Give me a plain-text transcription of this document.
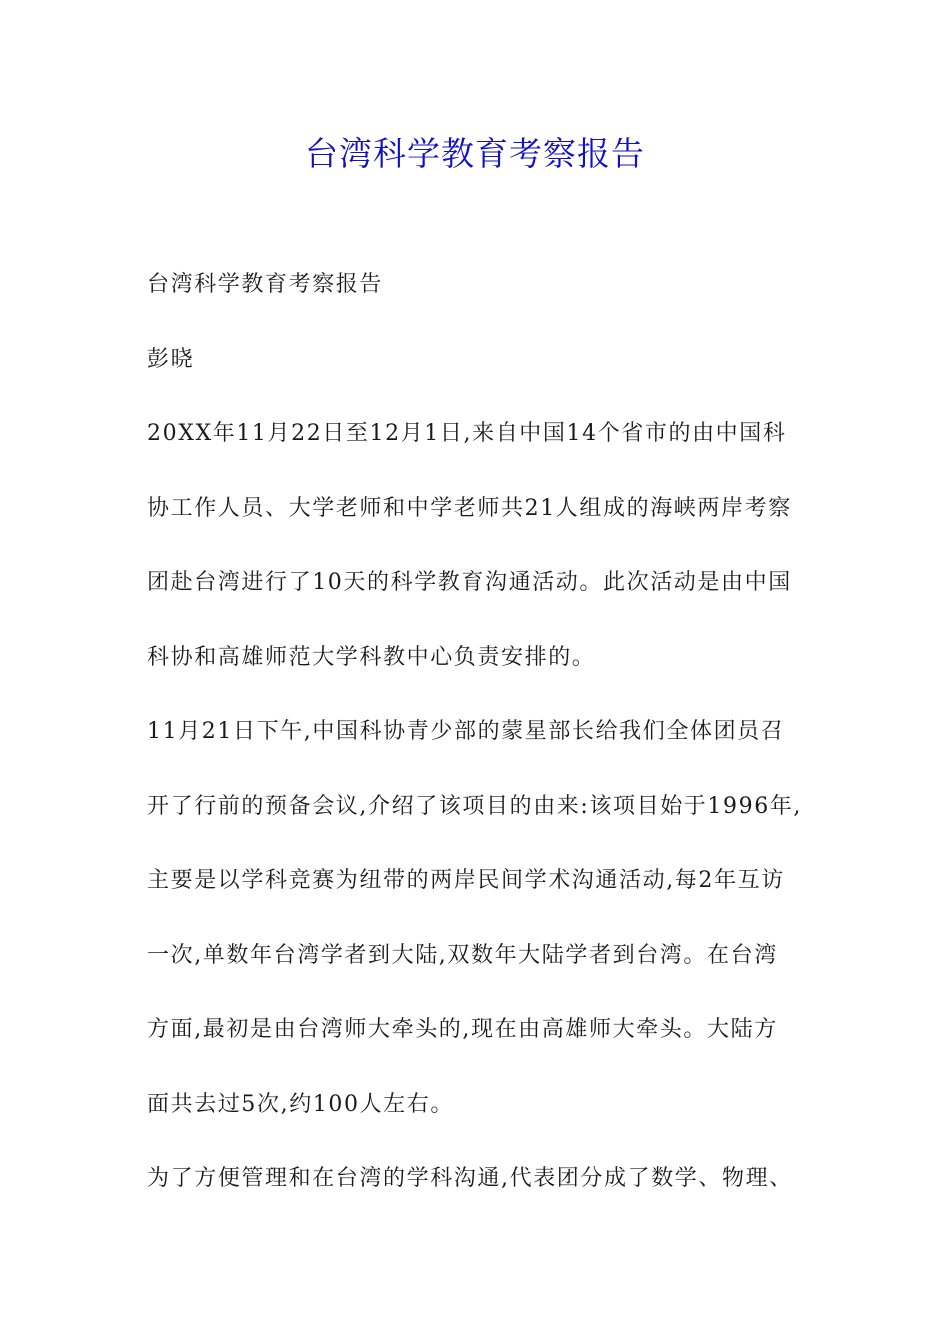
台湾科学教育考察报告

台湾科学教育考察报告

彭晓

20XX年11月22日至12月1日,来自中国14个省市的由中国科

协工作人员、大学老师和中学老师共21人组成的海峡两岸考察

团赴台湾进行了10天的科学教育沟通活动。此次活动是由中国

科协和高雄师范大学科教中心负责安排的。

11月21日下午,中国科协青少部的蒙星部长给我们全体团员召

开了行前的预备会议,介绍了该项目的由来:该项目始于1996年,

主要是以学科竞赛为纽带的两岸民间学术沟通活动,每2年互访

一次,单数年台湾学者到大陆,双数年大陆学者到台湾。在台湾

方面,最初是由台湾师大牵头的,现在由高雄师大牵头。大陆方

面共去过5次,约100人左右。

为了方便管理和在台湾的学科沟通,代表团分成了数学、物理、
